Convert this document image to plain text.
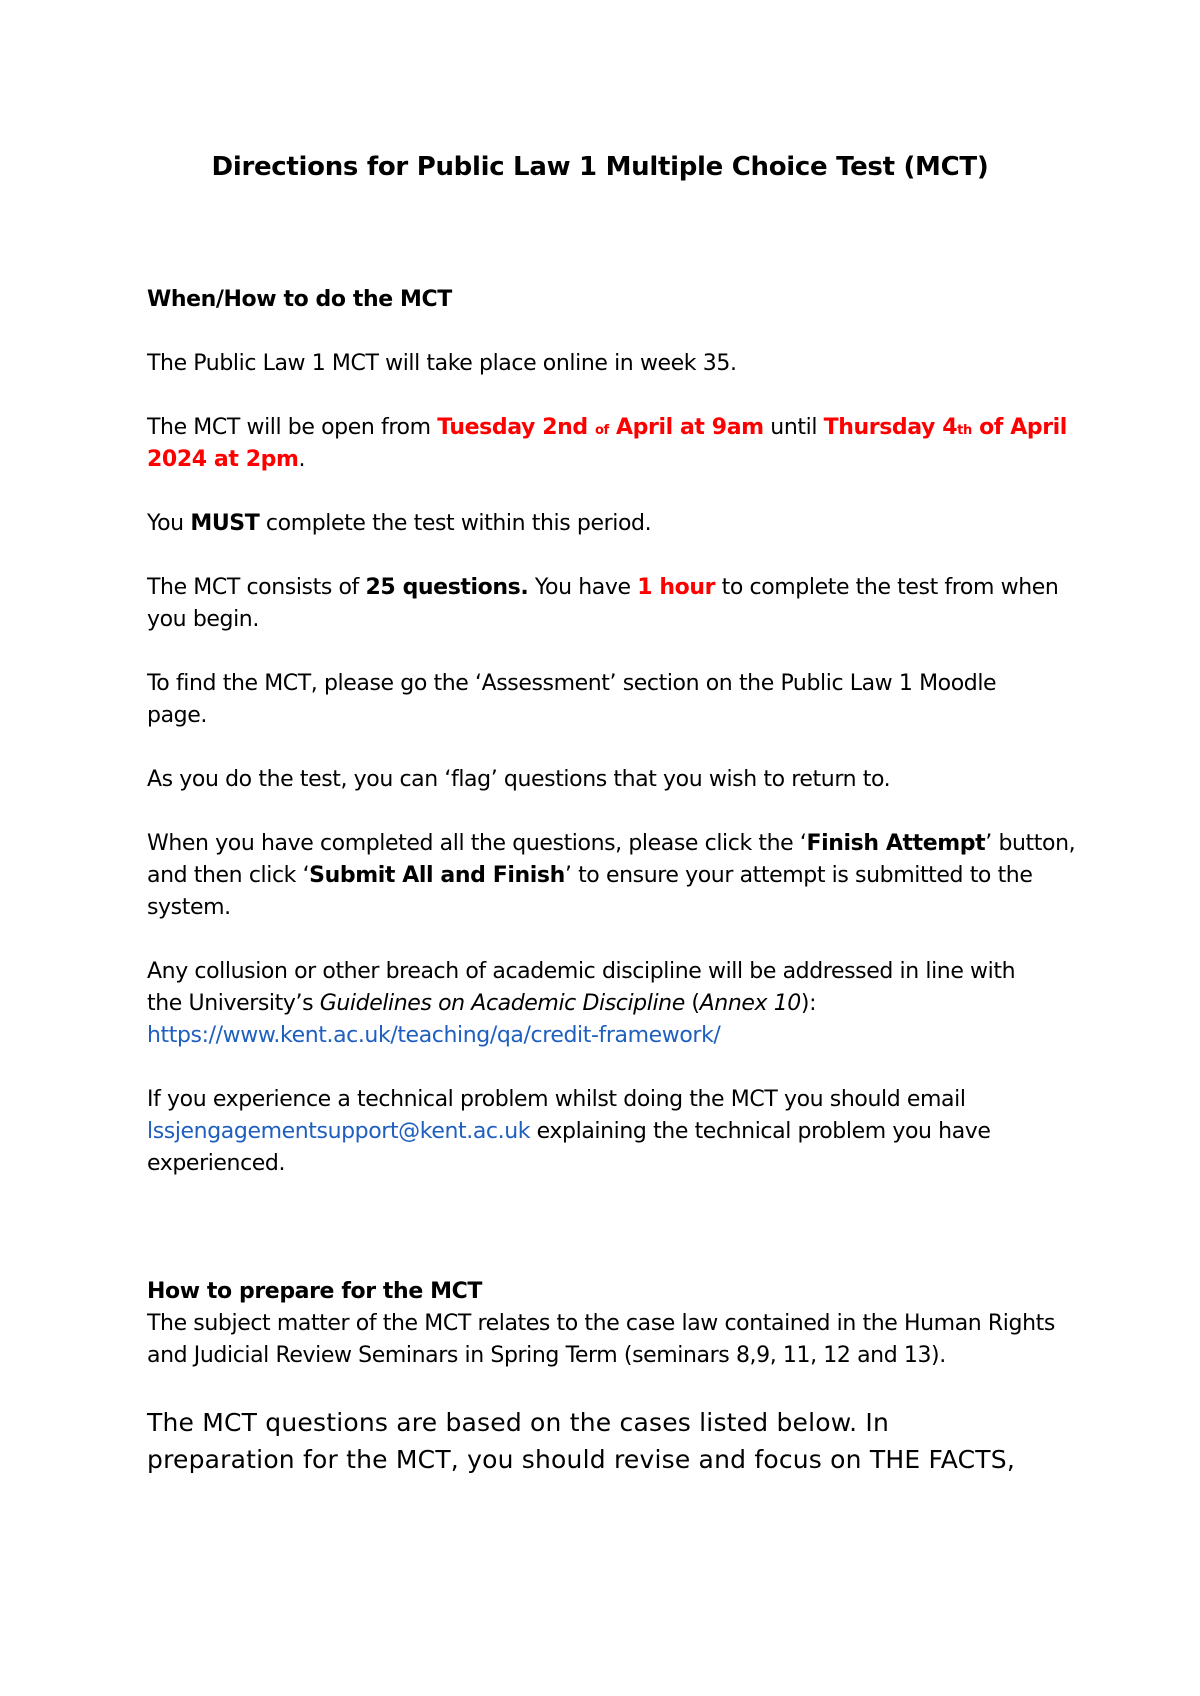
Directions for Public Law 1 Multiple Choice Test (MCT)
When/How to do the MCT
The Public Law 1 MCT will take place online in week 35.
The MCT will be open from Tuesday 2nd of April at 9am until Thursday 4th of April
2024 at 2pm.
You MUST complete the test within this period.
The MCT consists of 25 questions. You have 1 hour to complete the test from when
you begin.
To find the MCT, please go the ‘Assessment’ section on the Public Law 1 Moodle
page.
As you do the test, you can ‘flag’ questions that you wish to return to.
When you have completed all the questions, please click the ‘Finish Attempt’ button,
and then click ‘Submit All and Finish’ to ensure your attempt is submitted to the
system.
Any collusion or other breach of academic discipline will be addressed in line with
the University’s Guidelines on Academic Discipline (Annex 10):
https://www.kent.ac.uk/teaching/qa/credit-framework/
If you experience a technical problem whilst doing the MCT you should email
lssjengagementsupport@kent.ac.uk explaining the technical problem you have
experienced.
How to prepare for the MCT
The subject matter of the MCT relates to the case law contained in the Human Rights
and Judicial Review Seminars in Spring Term (seminars 8,9, 11, 12 and 13).
The MCT questions are based on the cases listed below. In
preparation for the MCT, you should revise and focus on THE FACTS,
